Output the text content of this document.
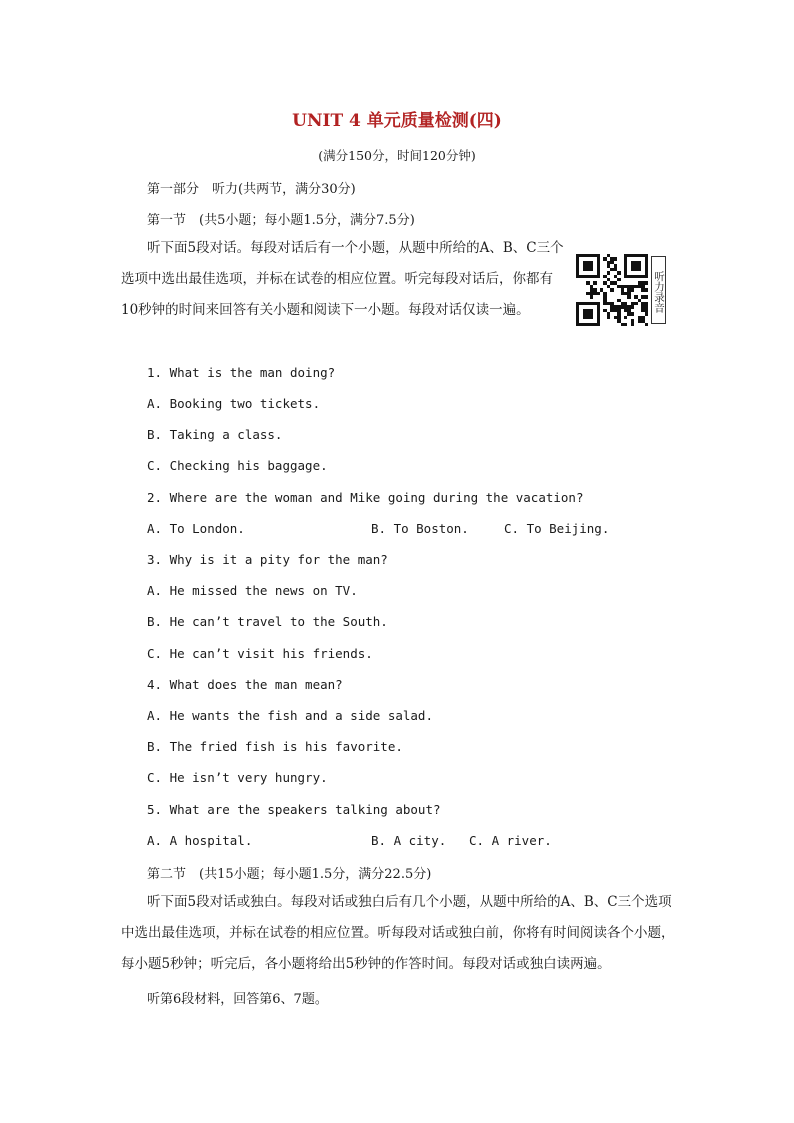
UNIT 4 单元质量检测(四)
(满分150分，时间120分钟)
第一部分　听力(共两节，满分30分)
第一节　(共5小题；每小题1.5分，满分7.5分)
听下面5段对话。每段对话后有一个小题，从题中所给的A、B、C三个选项中选出最佳选项，并标在试卷的相应位置。听完每段对话后，你都有10秒钟的时间来回答有关小题和阅读下一小题。每段对话仅读一遍。	听力录音
1. What is the man doing?
A. Booking two tickets.
B. Taking a class.
C. Checking his baggage.
2. Where are the woman and Mike going during the vacation?
A. To London.	B. To Boston.	C. To Beijing.
3. Why is it a pity for the man?
A. He missed the news on TV.
B. He can’t travel to the South.
C. He can’t visit his friends.
4. What does the man mean?
A. He wants the fish and a side salad.
B. The fried fish is his favorite.
C. He isn’t very hungry.
5. What are the speakers talking about?
A. A hospital.	B. A city. C. A river.
第二节　(共15小题；每小题1.5分，满分22.5分)
听下面5段对话或独白。每段对话或独白后有几个小题，从题中所给的A、B、C三个选项中选出最佳选项，并标在试卷的相应位置。听每段对话或独白前，你将有时间阅读各个小题，每小题5秒钟；听完后，各小题将给出5秒钟的作答时间。每段对话或独白读两遍。
听第6段材料，回答第6、7题。
